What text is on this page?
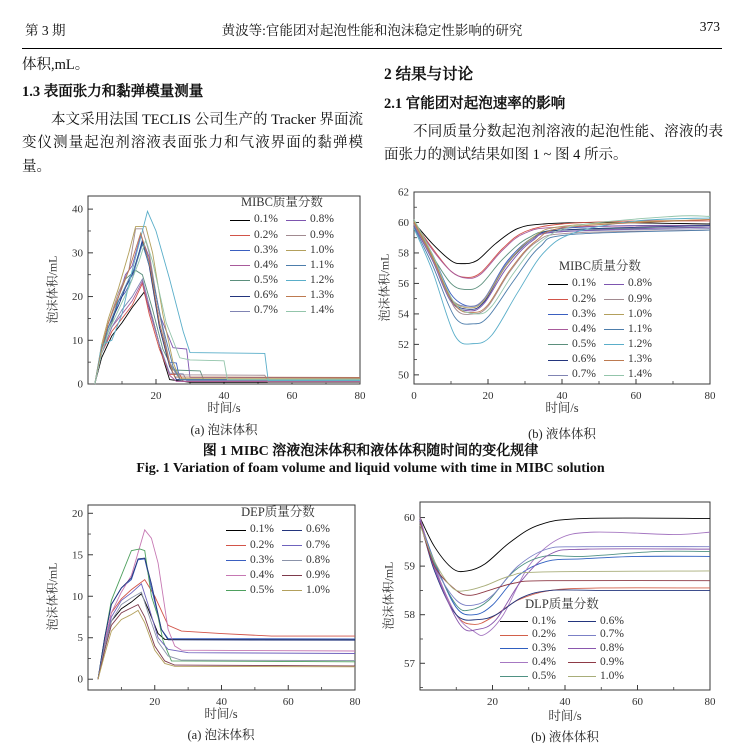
第 3 期	黄波等:官能团对起泡性能和泡沫稳定性影响的研究	373

体积,mL。

1.3 表面张力和黏弹模量测量

本文采用法国 TECLIS 公司生产的 Tracker 界面流变仪测量起泡剂溶液表面张力和气液界面的黏弹模量。

2 结果与讨论
2.1 官能团对起泡速率的影响

不同质量分数起泡剂溶液的起泡性能、溶液的表面张力的测试结果如图 1 ~ 图 4 所示。

20	40	60	80
0
10
20
30
40
泡沫体积/mL
MIBC质量分数
0.1%
0.2%
0.3%
0.4%
0.5%
0.6%
0.7%
0.8%
0.9%
1.0%
1.1%
1.2%
1.3%
1.4%
时间/s
(a) 泡沫体积
0	20	40	60	80
50
52
54
56
58
60
62
泡沫体积/mL	MIBC质量分数
0.1%
0.2%
0.3%
0.4%
0.5%
0.6%
0.7%
0.8%
0.9%
1.0%
1.1%
1.2%
1.3%
1.4%
时间/s
(b) 液体体积
图 1 MIBC 溶液泡沫体积和液体体积随时间的变化规律
Fig. 1 Variation of foam volume and liquid volume with time in MIBC solution
20	40	60	80
0
5
10
15
20
泡沫体积/mL
DEP质量分数
0.1%
0.2%
0.3%
0.4%
0.5%
0.6%
0.7%
0.8%
0.9%
1.0%
时间/s
(a) 泡沫体积
20	40	60	80
57
58
59
60
泡沫体积/mL	DLP质量分数
0.1%
0.2%
0.3%
0.4%
0.5%
0.6%
0.7%
0.8%
0.9%
1.0%
时间/s
(b) 液体体积
